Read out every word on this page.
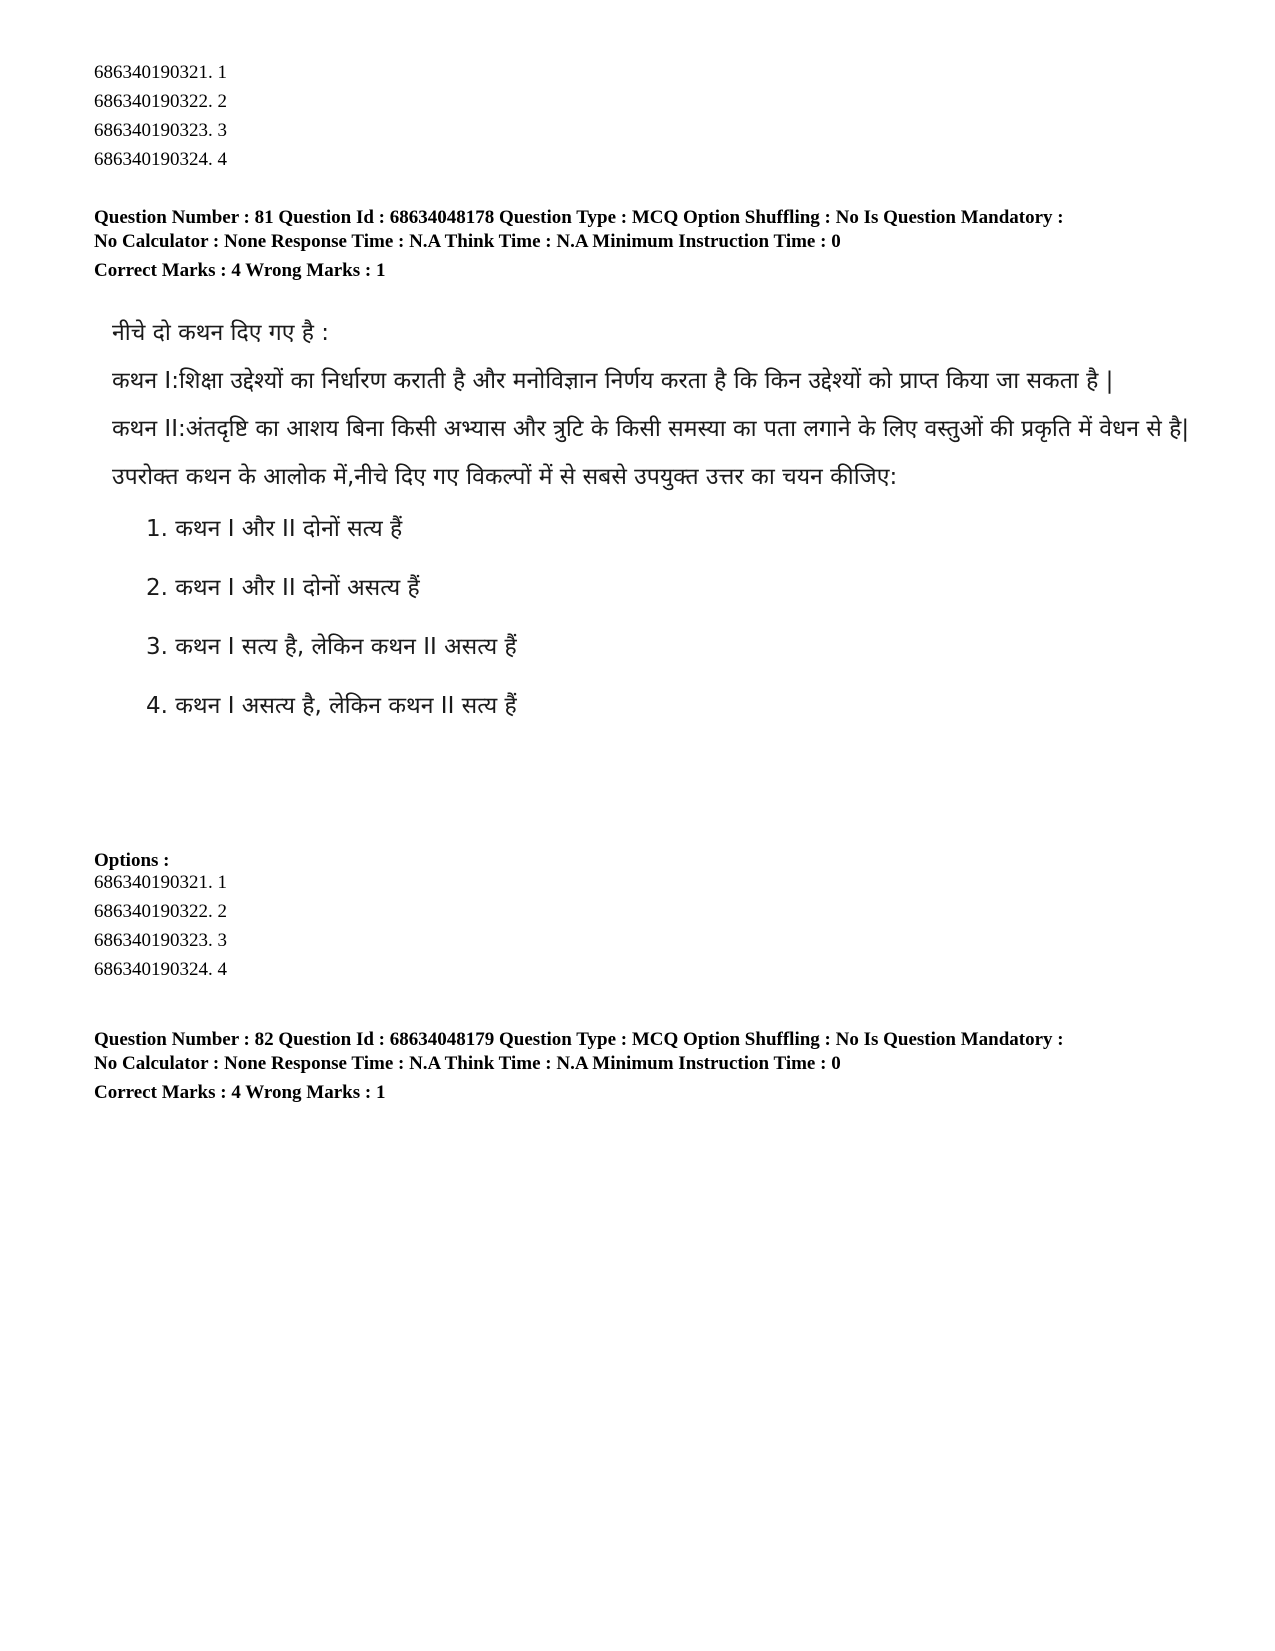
686340190321. 1
686340190322. 2
686340190323. 3
686340190324. 4
Question Number : 81 Question Id : 68634048178 Question Type : MCQ Option Shuffling : No Is Question Mandatory :
No Calculator : None Response Time : N.A Think Time : N.A Minimum Instruction Time : 0
Correct Marks : 4 Wrong Marks : 1

नीचे दो कथन दिए गए है :

कथन I:शिक्षा उद्देश्यों का निर्धारण कराती है और मनोविज्ञान निर्णय करता है कि किन उद्देश्यों को प्राप्त किया जा सकता है |

कथन II:अंतदृष्टि का आशय बिना किसी अभ्यास और त्रुटि के किसी समस्या का पता लगाने के लिए वस्तुओं की प्रकृति में वेधन से है|

उपरोक्त कथन के आलोक में,नीचे दिए गए विकल्पों में से सबसे उपयुक्त उत्तर का चयन कीजिए:

1. कथन I और II दोनों सत्य हैं
2. कथन I और II दोनों असत्य हैं
3. कथन I सत्य है, लेकिन कथन II असत्य हैं
4. कथन I असत्य है, लेकिन कथन II सत्य हैं
Options :
686340190321. 1
686340190322. 2
686340190323. 3
686340190324. 4
Question Number : 82 Question Id : 68634048179 Question Type : MCQ Option Shuffling : No Is Question Mandatory :
No Calculator : None Response Time : N.A Think Time : N.A Minimum Instruction Time : 0
Correct Marks : 4 Wrong Marks : 1
